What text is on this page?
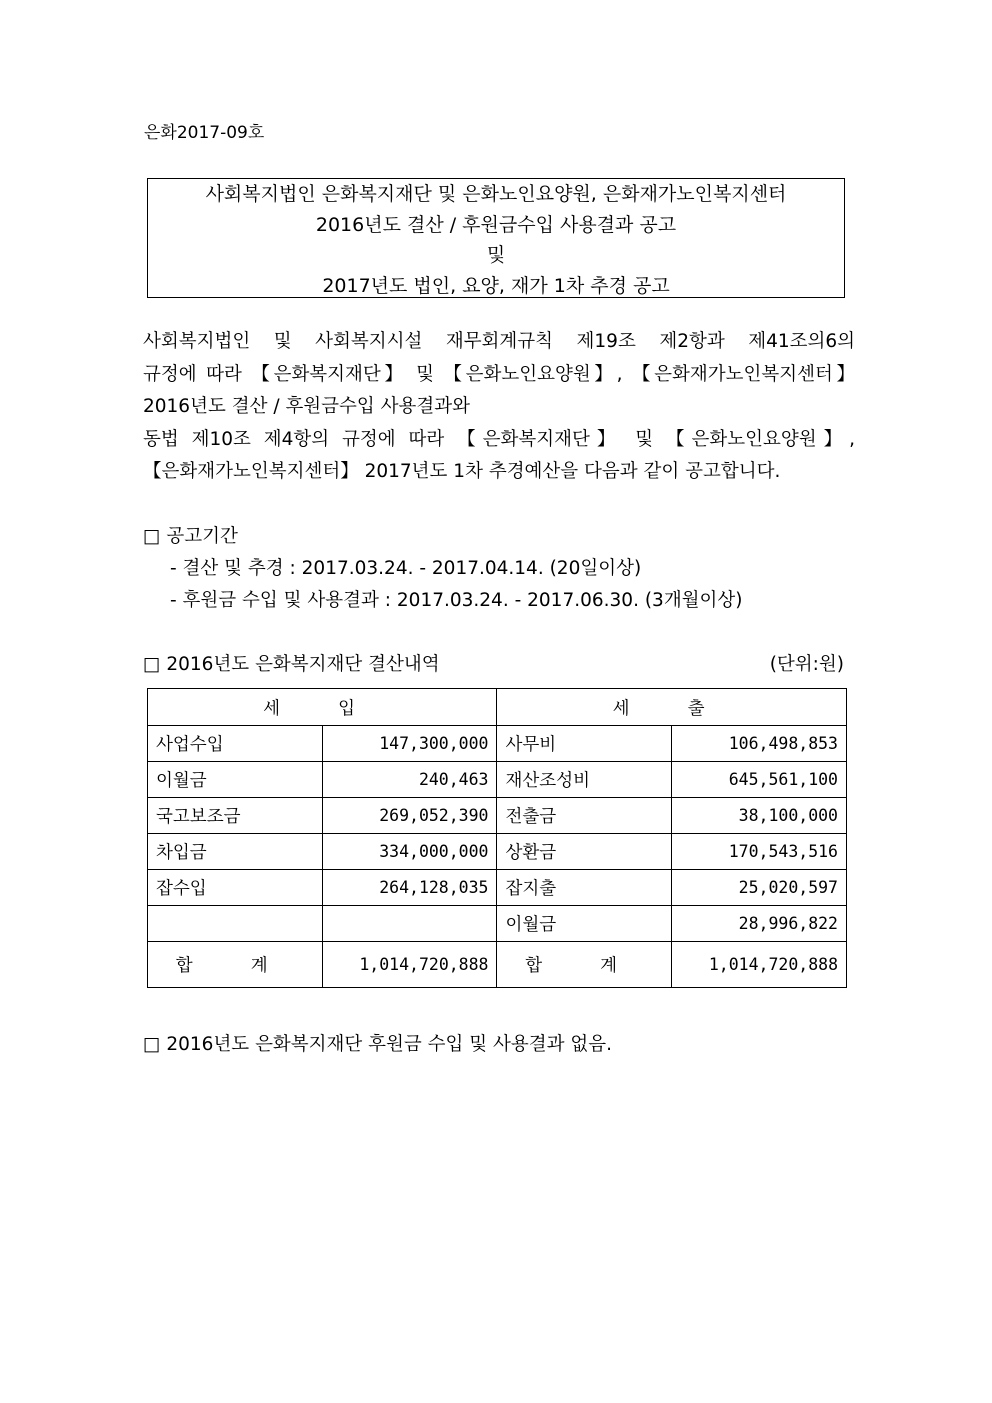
은화2017-09호
사회복지법인 은화복지재단 및 은화노인요양원, 은화재가노인복지센터
2016년도 결산 / 후원금수입 사용결과 공고
및
2017년도 법인, 요양, 재가 1차 추경 공고
사회복지법인 및 사회복지시설 재무회계규칙 제19조 제2항과 제41조의6의
규정에 따라 【은화복지재단】 및 【은화노인요양원】, 【은화재가노인복지센터】
2016년도 결산 / 후원금수입 사용결과와
동법 제10조 제4항의 규정에 따라 【은화복지재단】 및 【은화노인요양원】,
【은화재가노인복지센터】 2017년도 1차 추경예산을 다음과 같이 공고합니다.
□ 공고기간
- 결산 및 추경 : 2017.03.24. - 2017.04.14. (20일이상)
- 후원금 수입 및 사용결과 : 2017.03.24. - 2017.06.30. (3개월이상)
□ 2016년도 은화복지재단 결산내역	(단위:원)
세 입		세 출	
사업수입	147,300,000	사무비	106,498,853
이월금	240,463	재산조성비	645,561,100
국고보조금	269,052,390	전출금	38,100,000
차입금	334,000,000	상환금	170,543,516
잡수입	264,128,035	잡지출	25,020,597
		이월금	28,996,822
합 계	1,014,720,888	합 계	1,014,720,888
□ 2016년도 은화복지재단 후원금 수입 및 사용결과 없음.
